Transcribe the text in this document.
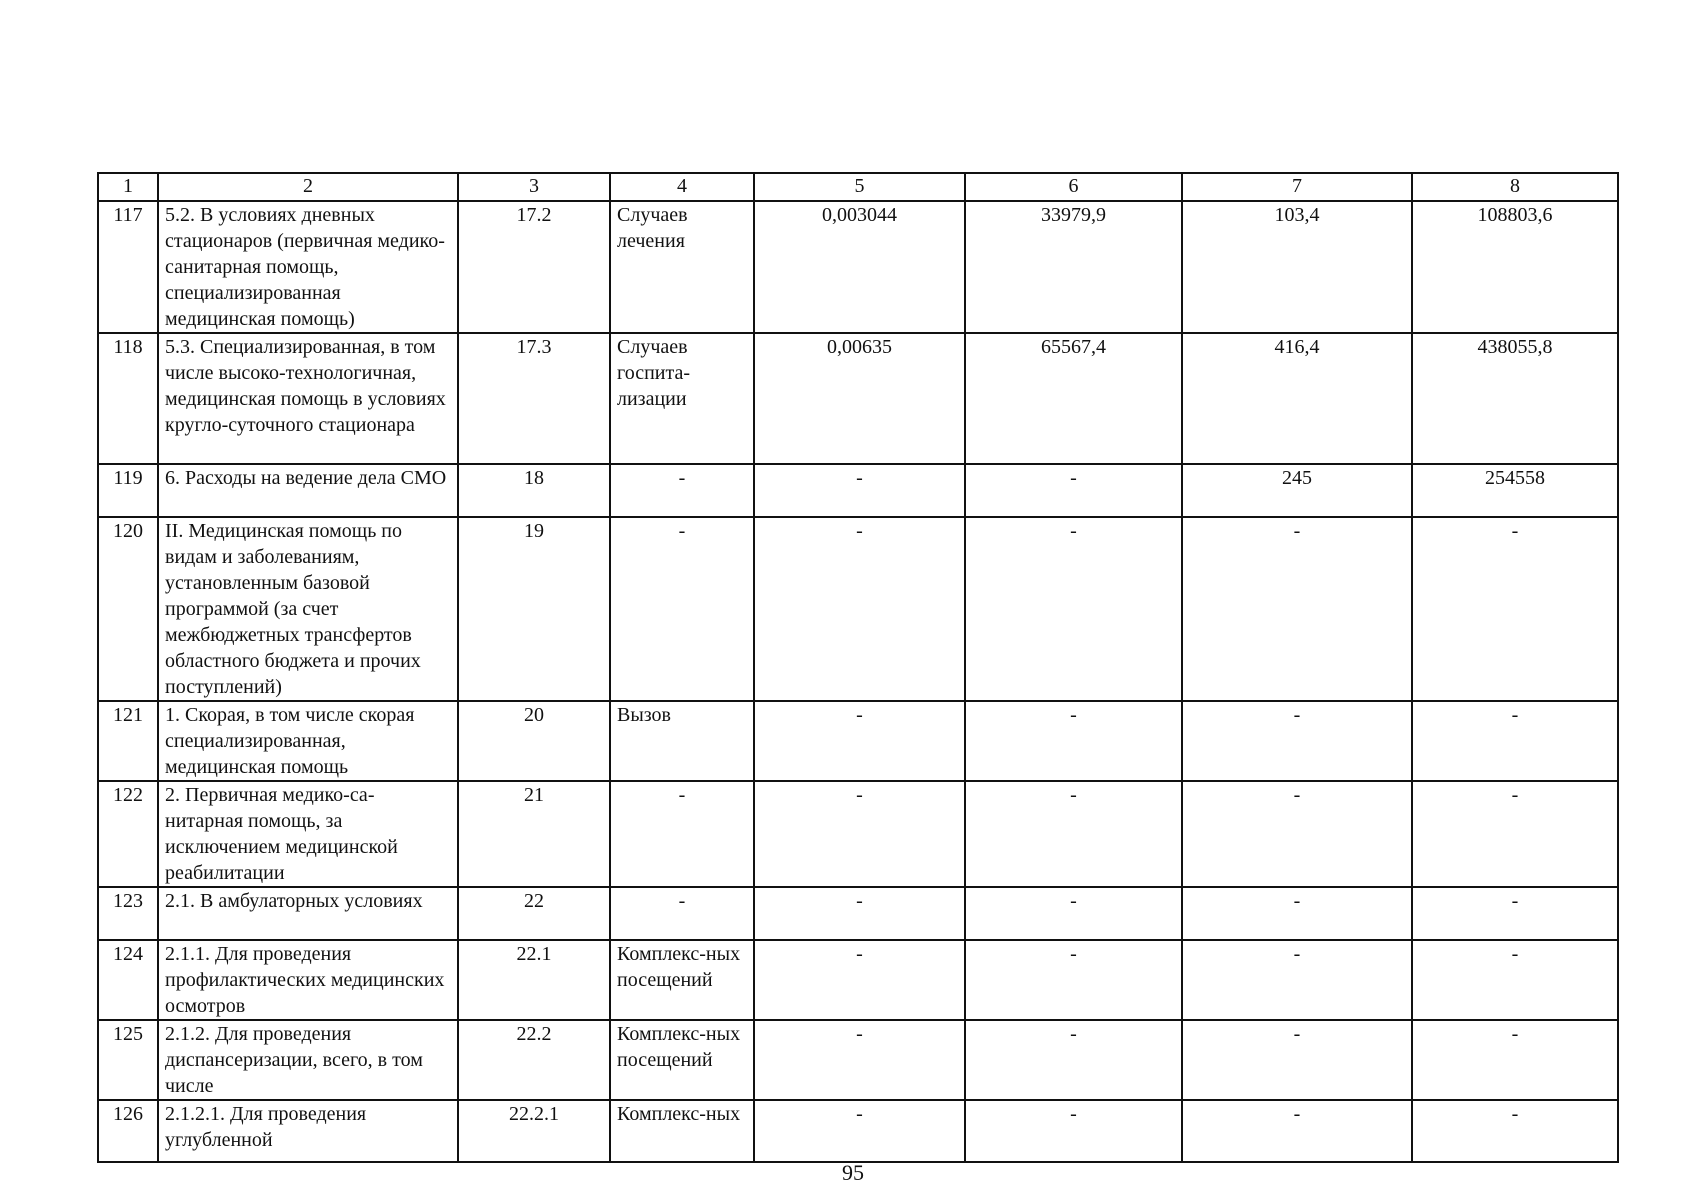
1	2	3	4	5	6	7	8
117	5.2. В условиях дневных стационаров (первичная медико-санитарная помощь, специализированная медицинская помощь)	17.2	Случаев лечения	0,003044	33979,9	103,4	108803,6
118	5.3. Специализированная, в том числе высоко-технологичная, медицинская помощь в условиях кругло-суточного стационара	17.3	Случаев госпита-лизации	0,00635	65567,4	416,4	438055,8
119	6. Расходы на ведение дела СМО	18	-	-	-	245	254558
120	II. Медицинская помощь по видам и заболеваниям, установленным базовой программой (за счет межбюджетных трансфертов областного бюджета и прочих поступлений)	19	-	-	-	-	-
121	1. Скорая, в том числе скорая специализированная, медицинская помощь	20	Вызов	-	-	-	-
122	2. Первичная медико-са-нитарная помощь, за исключением медицинской реабилитации	21	-	-	-	-	-
123	2.1. В амбулаторных условиях	22	-	-	-	-	-
124	2.1.1. Для проведения профилактических медицинских осмотров	22.1	Комплекс-ных посещений	-	-	-	-
125	2.1.2. Для проведения диспансеризации, всего, в том числе	22.2	Комплекс-ных посещений	-	-	-	-
126	2.1.2.1. Для проведения углубленной	22.2.1	Комплекс-ных	-	-	-	-
95
